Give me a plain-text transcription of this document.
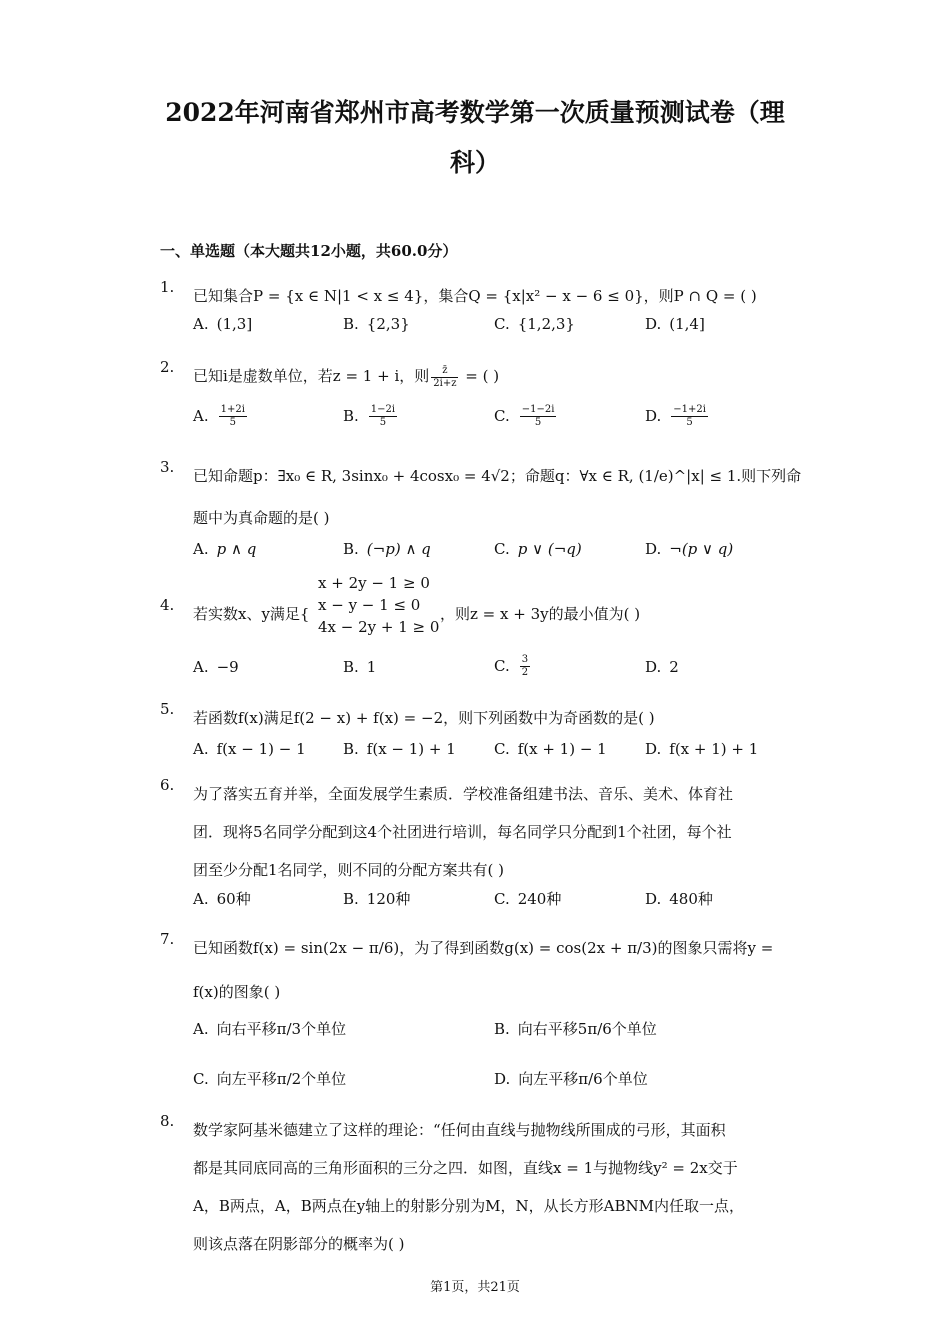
2022年河南省郑州市高考数学第一次质量预测试卷（理
科）
一、单选题（本大题共12小题，共60.0分）
1. 已知集合P = {x ∈ N|1 < x ≤ 4}，集合Q = {x|x² − x − 6 ≤ 0}，则P ∩ Q = ( )
A. (1,3]	B. {2,3}	C. {1,2,3}	D. (1,4]
2. 已知i是虚数单位，若z = 1 + i，则 $\frac{z̄}{2i+z}$ = ( )
A. $\frac{1+2i}{5}$	B. $\frac{1-2i}{5}$	C. $\frac{-1-2i}{5}$	D. $\frac{-1+2i}{5}$
3. 已知命题p：∃x₀ ∈ R, 3sinx₀ + 4cosx₀ = 4√2；命题q：∀x ∈ R, (1/e)^|x| ≤ 1.则下列命
题中为真命题的是( )
A. p ∧ q	B. (¬p) ∧ q	C. p ∨ (¬q)	D. ¬(p ∨ q)
4. 若实数x、y满足{	，则z = x + 3y的最小值为( )
x + 2y − 1 ≥ 0
x − y − 1 ≤ 0
4x − 2y + 1 ≥ 0
A. −9	B. 1	C. $\frac{3}{2}$	D. 2
5. 若函数f(x)满足f(2 − x) + f(x) = −2，则下列函数中为奇函数的是( )
A. f(x − 1) − 1 B. f(x − 1) + 1	C. f(x + 1) − 1	D. f(x + 1) + 1
6. 为了落实五育并举，全面发展学生素质．学校准备组建书法、音乐、美术、体育社
团．现将5名同学分配到这4个社团进行培训，每名同学只分配到1个社团，每个社
团至少分配1名同学，则不同的分配方案共有( )
A. 60种	B. 120种	C. 240种	D. 480种
7. 已知函数f(x) = sin(2x − π/6)，为了得到函数g(x) = cos(2x + π/3)的图象只需将y =
f(x)的图象( )
A. 向右平移π/3个单位	B. 向右平移5π/6个单位
C. 向左平移π/2个单位	D. 向左平移π/6个单位
8. 数学家阿基米德建立了这样的理论：“任何由直线与抛物线所围成的弓形，其面积
都是其同底同高的三角形面积的三分之四．如图，直线x = 1与抛物线y² = 2x交于
A，B两点，A，B两点在y轴上的射影分别为M，N，从长方形ABNM内任取一点，
则该点落在阴影部分的概率为( )
第1页，共21页
